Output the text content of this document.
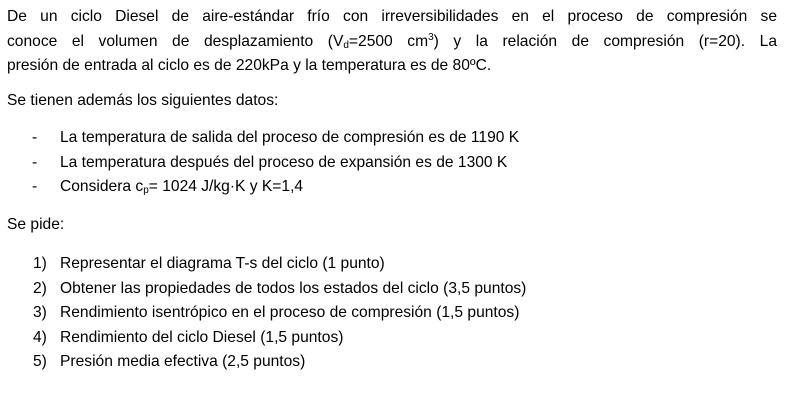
De un ciclo Diesel de aire-estándar frío con irreversibilidades en el proceso de compresión se
conoce el volumen de desplazamiento ($V_d=2500$ $cm^3$) y la relación de compresión (r=20). La
presión de entrada al ciclo es de 220kPa y la temperatura es de 80ºC.

Se tienen además los siguientes datos:

- La temperatura de salida del proceso de compresión es de 1190 K
- La temperatura después del proceso de expansión es de 1300 K
- Considera $c_p= 1024$ J/kg·K y K=1,4

Se pide:

1) Representar el diagrama T-s del ciclo (1 punto)
2) Obtener las propiedades de todos los estados del ciclo (3,5 puntos)
3) Rendimiento isentrópico en el proceso de compresión (1,5 puntos)
4) Rendimiento del ciclo Diesel (1,5 puntos)
5) Presión media efectiva (2,5 puntos)
